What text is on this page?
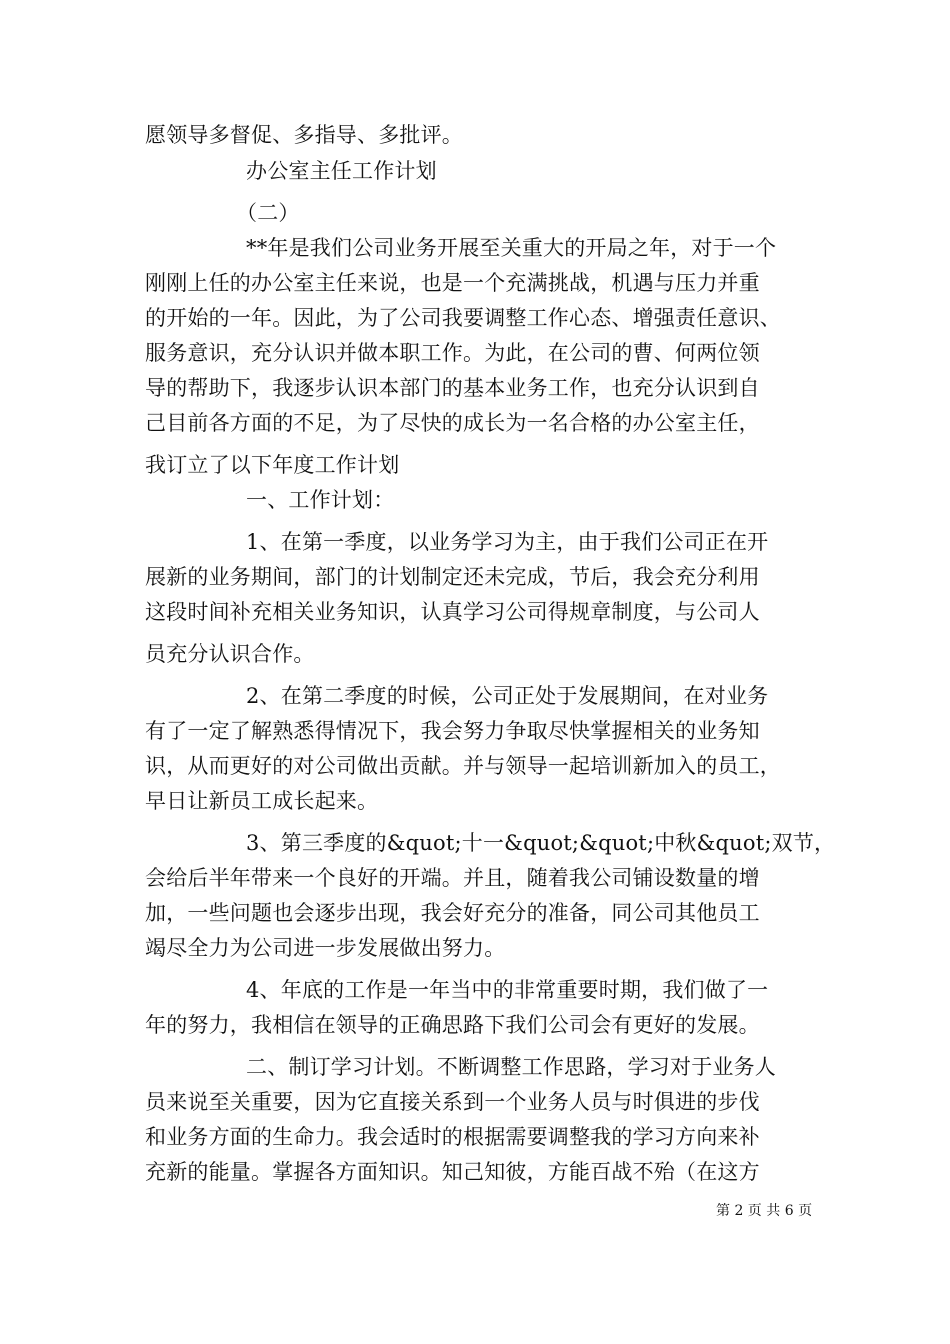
愿领导多督促、多指导、多批评。
办公室主任工作计划
（二）
**年是我们公司业务开展至关重大的开局之年，对于一个
刚刚上任的办公室主任来说，也是一个充满挑战，机遇与压力并重
的开始的一年。因此，为了公司我要调整工作心态、增强责任意识、
服务意识，充分认识并做本职工作。为此，在公司的曹、何两位领
导的帮助下，我逐步认识本部门的基本业务工作，也充分认识到自
己目前各方面的不足，为了尽快的成长为一名合格的办公室主任，
我订立了以下年度工作计划
一、工作计划：
1、在第一季度，以业务学习为主，由于我们公司正在开
展新的业务期间，部门的计划制定还未完成，节后，我会充分利用
这段时间补充相关业务知识，认真学习公司得规章制度，与公司人
员充分认识合作。
2、在第二季度的时候，公司正处于发展期间，在对业务
有了一定了解熟悉得情况下，我会努力争取尽快掌握相关的业务知
识，从而更好的对公司做出贡献。并与领导一起培训新加入的员工，
早日让新员工成长起来。
3、第三季度的&quot;十一&quot;&quot;中秋&quot;双节，
会给后半年带来一个良好的开端。并且，随着我公司铺设数量的增
加，一些问题也会逐步出现，我会好充分的准备，同公司其他员工
竭尽全力为公司进一步发展做出努力。
4、年底的工作是一年当中的非常重要时期，我们做了一
年的努力，我相信在领导的正确思路下我们公司会有更好的发展。
二、制订学习计划。不断调整工作思路，学习对于业务人
员来说至关重要，因为它直接关系到一个业务人员与时俱进的步伐
和业务方面的生命力。我会适时的根据需要调整我的学习方向来补
充新的能量。掌握各方面知识。知己知彼，方能百战不殆（在这方
第 2 页 共 6 页
